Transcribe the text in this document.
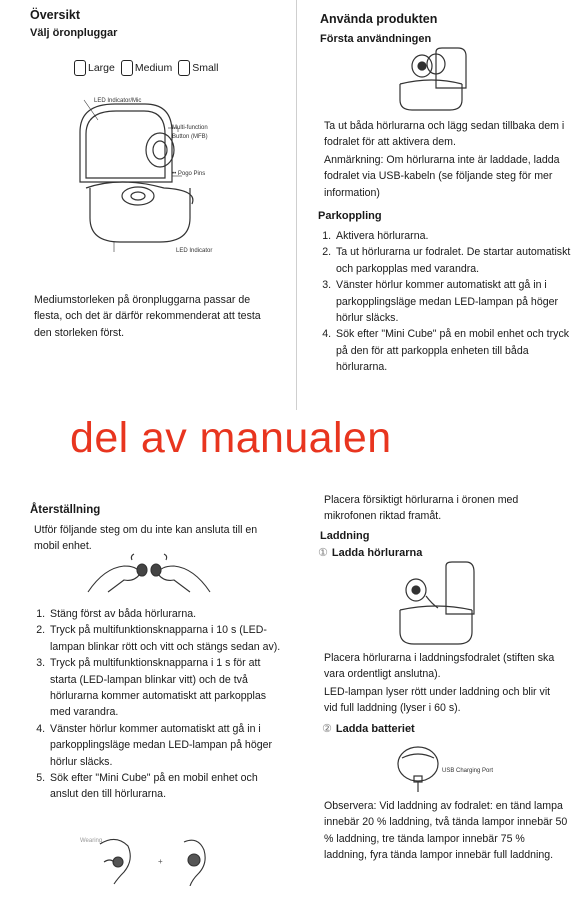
Översikt
Välj öronpluggar
Large Medium Small
LED Indicator/Mic
Multi-function Button (MFB)
•• Pogo Pins
LED Indicator
Mediumstorleken på öronpluggarna passar de flesta, och det är därför rekommenderat att testa den storleken först.
Använda produkten
Första användningen
Ta ut båda hörlurarna och lägg sedan tillbaka dem i fodralet för att aktivera dem.
Anmärkning: Om hörlurarna inte är laddade, ladda fodralet via USB-kabeln (se följande steg för mer information)
Parkoppling
1. Aktivera hörlurarna.
2. Ta ut hörlurarna ur fodralet. De startar automatiskt och parkopplas med varandra.
3. Vänster hörlur kommer automatiskt att gå in i parkopplingsläge medan LED-lampan på höger hörlur släcks.
4. Sök efter "Mini Cube" på en mobil enhet och tryck på den för att parkoppla enheten till båda hörlurarna.
del av manualen
Återställning
Utför följande steg om du inte kan ansluta till en mobil enhet.
1. Stäng först av båda hörlurarna.
2. Tryck på multifunktionsknapparna i 10 s (LED-lampan blinkar rött och vitt och stängs sedan av).
3. Tryck på multifunktionsknapparna i 1 s för att starta (LED-lampan blinkar vitt) och de två hörlurarna kommer automatiskt att parkopplas med varandra.
4. Vänster hörlur kommer automatiskt att gå in i parkopplingsläge medan LED-lampan på höger hörlur släcks.
5. Sök efter "Mini Cube" på en mobil enhet och anslut den till hörlurarna.
Wearing
+
Placera försiktigt hörlurarna i öronen med mikrofonen riktad framåt.
Laddning
① Ladda hörlurarna
Placera hörlurarna i laddningsfodralet (stiften ska vara ordentligt anslutna).
LED-lampan lyser rött under laddning och blir vit vid full laddning (lyser i 60 s).
② Ladda batteriet
USB Charging Port
Observera: Vid laddning av fodralet: en tänd lampa innebär 20 % laddning, två tända lampor innebär 50 % laddning, tre tända lampor innebär 75 % laddning, fyra tända lampor innebär full laddning.
